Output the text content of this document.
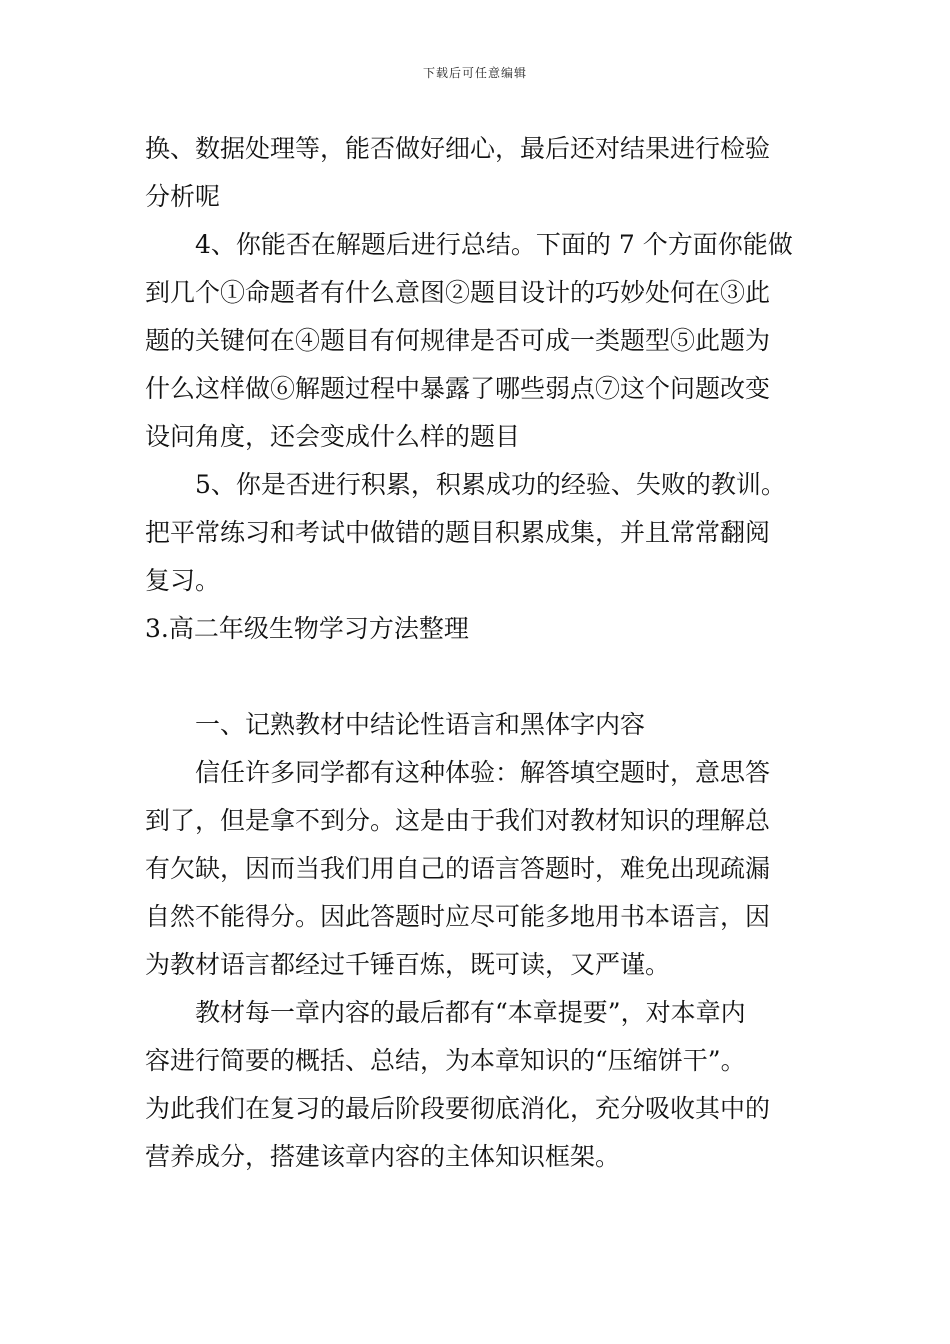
下载后可任意编辑
换、数据处理等，能否做好细心，最后还对结果进行检验
分析呢
4、你能否在解题后进行总结。下面的 7 个方面你能做
到几个①命题者有什么意图②题目设计的巧妙处何在③此
题的关键何在④题目有何规律是否可成一类题型⑤此题为
什么这样做⑥解题过程中暴露了哪些弱点⑦这个问题改变
设问角度，还会变成什么样的题目
5、你是否进行积累，积累成功的经验、失败的教训。
把平常练习和考试中做错的题目积累成集，并且常常翻阅
复习。
3.高二年级生物学习方法整理
一、记熟教材中结论性语言和黑体字内容
信任许多同学都有这种体验：解答填空题时，意思答
到了，但是拿不到分。这是由于我们对教材知识的理解总
有欠缺，因而当我们用自己的语言答题时，难免出现疏漏
自然不能得分。因此答题时应尽可能多地用书本语言，因
为教材语言都经过千锤百炼，既可读，又严谨。
教材每一章内容的最后都有“本章提要”，对本章内
容进行简要的概括、总结，为本章知识的“压缩饼干”。
为此我们在复习的最后阶段要彻底消化，充分吸收其中的
营养成分，搭建该章内容的主体知识框架。
